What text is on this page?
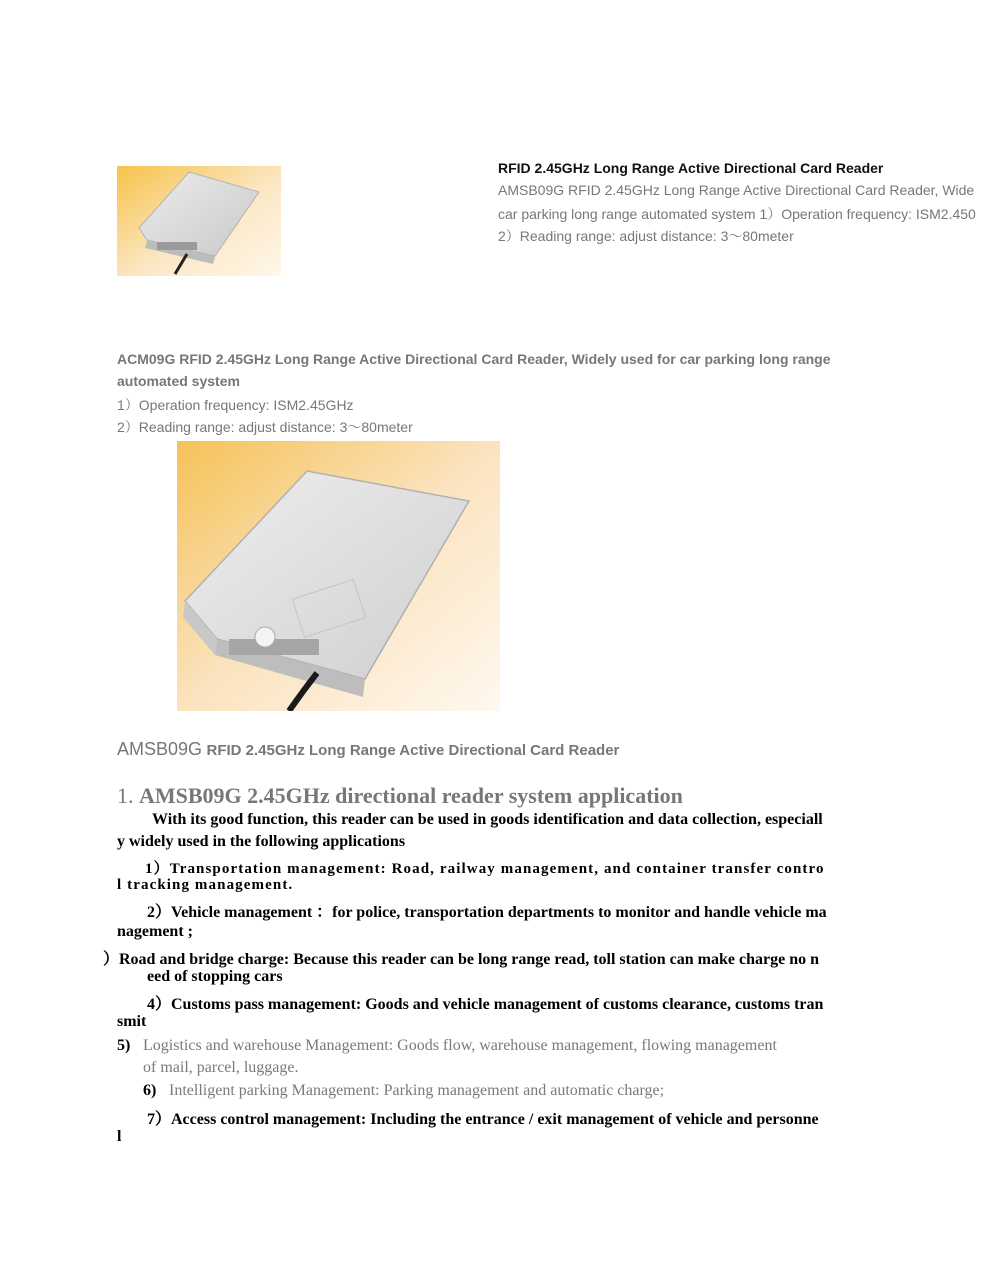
RFID 2.45GHz Long Range Active Directional Card Reader
AMSB09G RFID 2.45GHz Long Range Active Directional Card Reader, Wide
car parking long range automated system 1）Operation frequency: ISM2.450
2）Reading range: adjust distance: 3～80meter
ACM09G RFID 2.45GHz Long Range Active Directional Card Reader, Widely used for car parking long range
automated system
1）Operation frequency: ISM2.45GHz
2）Reading range: adjust distance: 3～80meter
AMSB09G RFID 2.45GHz Long Range Active Directional Card Reader
1. AMSB09G 2.45GHz directional reader system application
With its good function, this reader can be used in goods identification and data collection, especiall
y widely used in the following applications
1）Transportation management: Road, railway management, and container transfer contro
l tracking management.
2）Vehicle management ：for police, transportation departments to monitor and handle vehicle ma
nagement ;
）Road and bridge charge: Because this reader can be long range read, toll station can make charge no n
eed of stopping cars
4）Customs pass management: Goods and vehicle management of customs clearance, customs tran
smit
5) Logistics and warehouse Management: Goods flow, warehouse management, flowing management
of mail, parcel, luggage.
6) Intelligent parking Management: Parking management and automatic charge;
7）Access control management: Including the entrance / exit management of vehicle and personne
l
